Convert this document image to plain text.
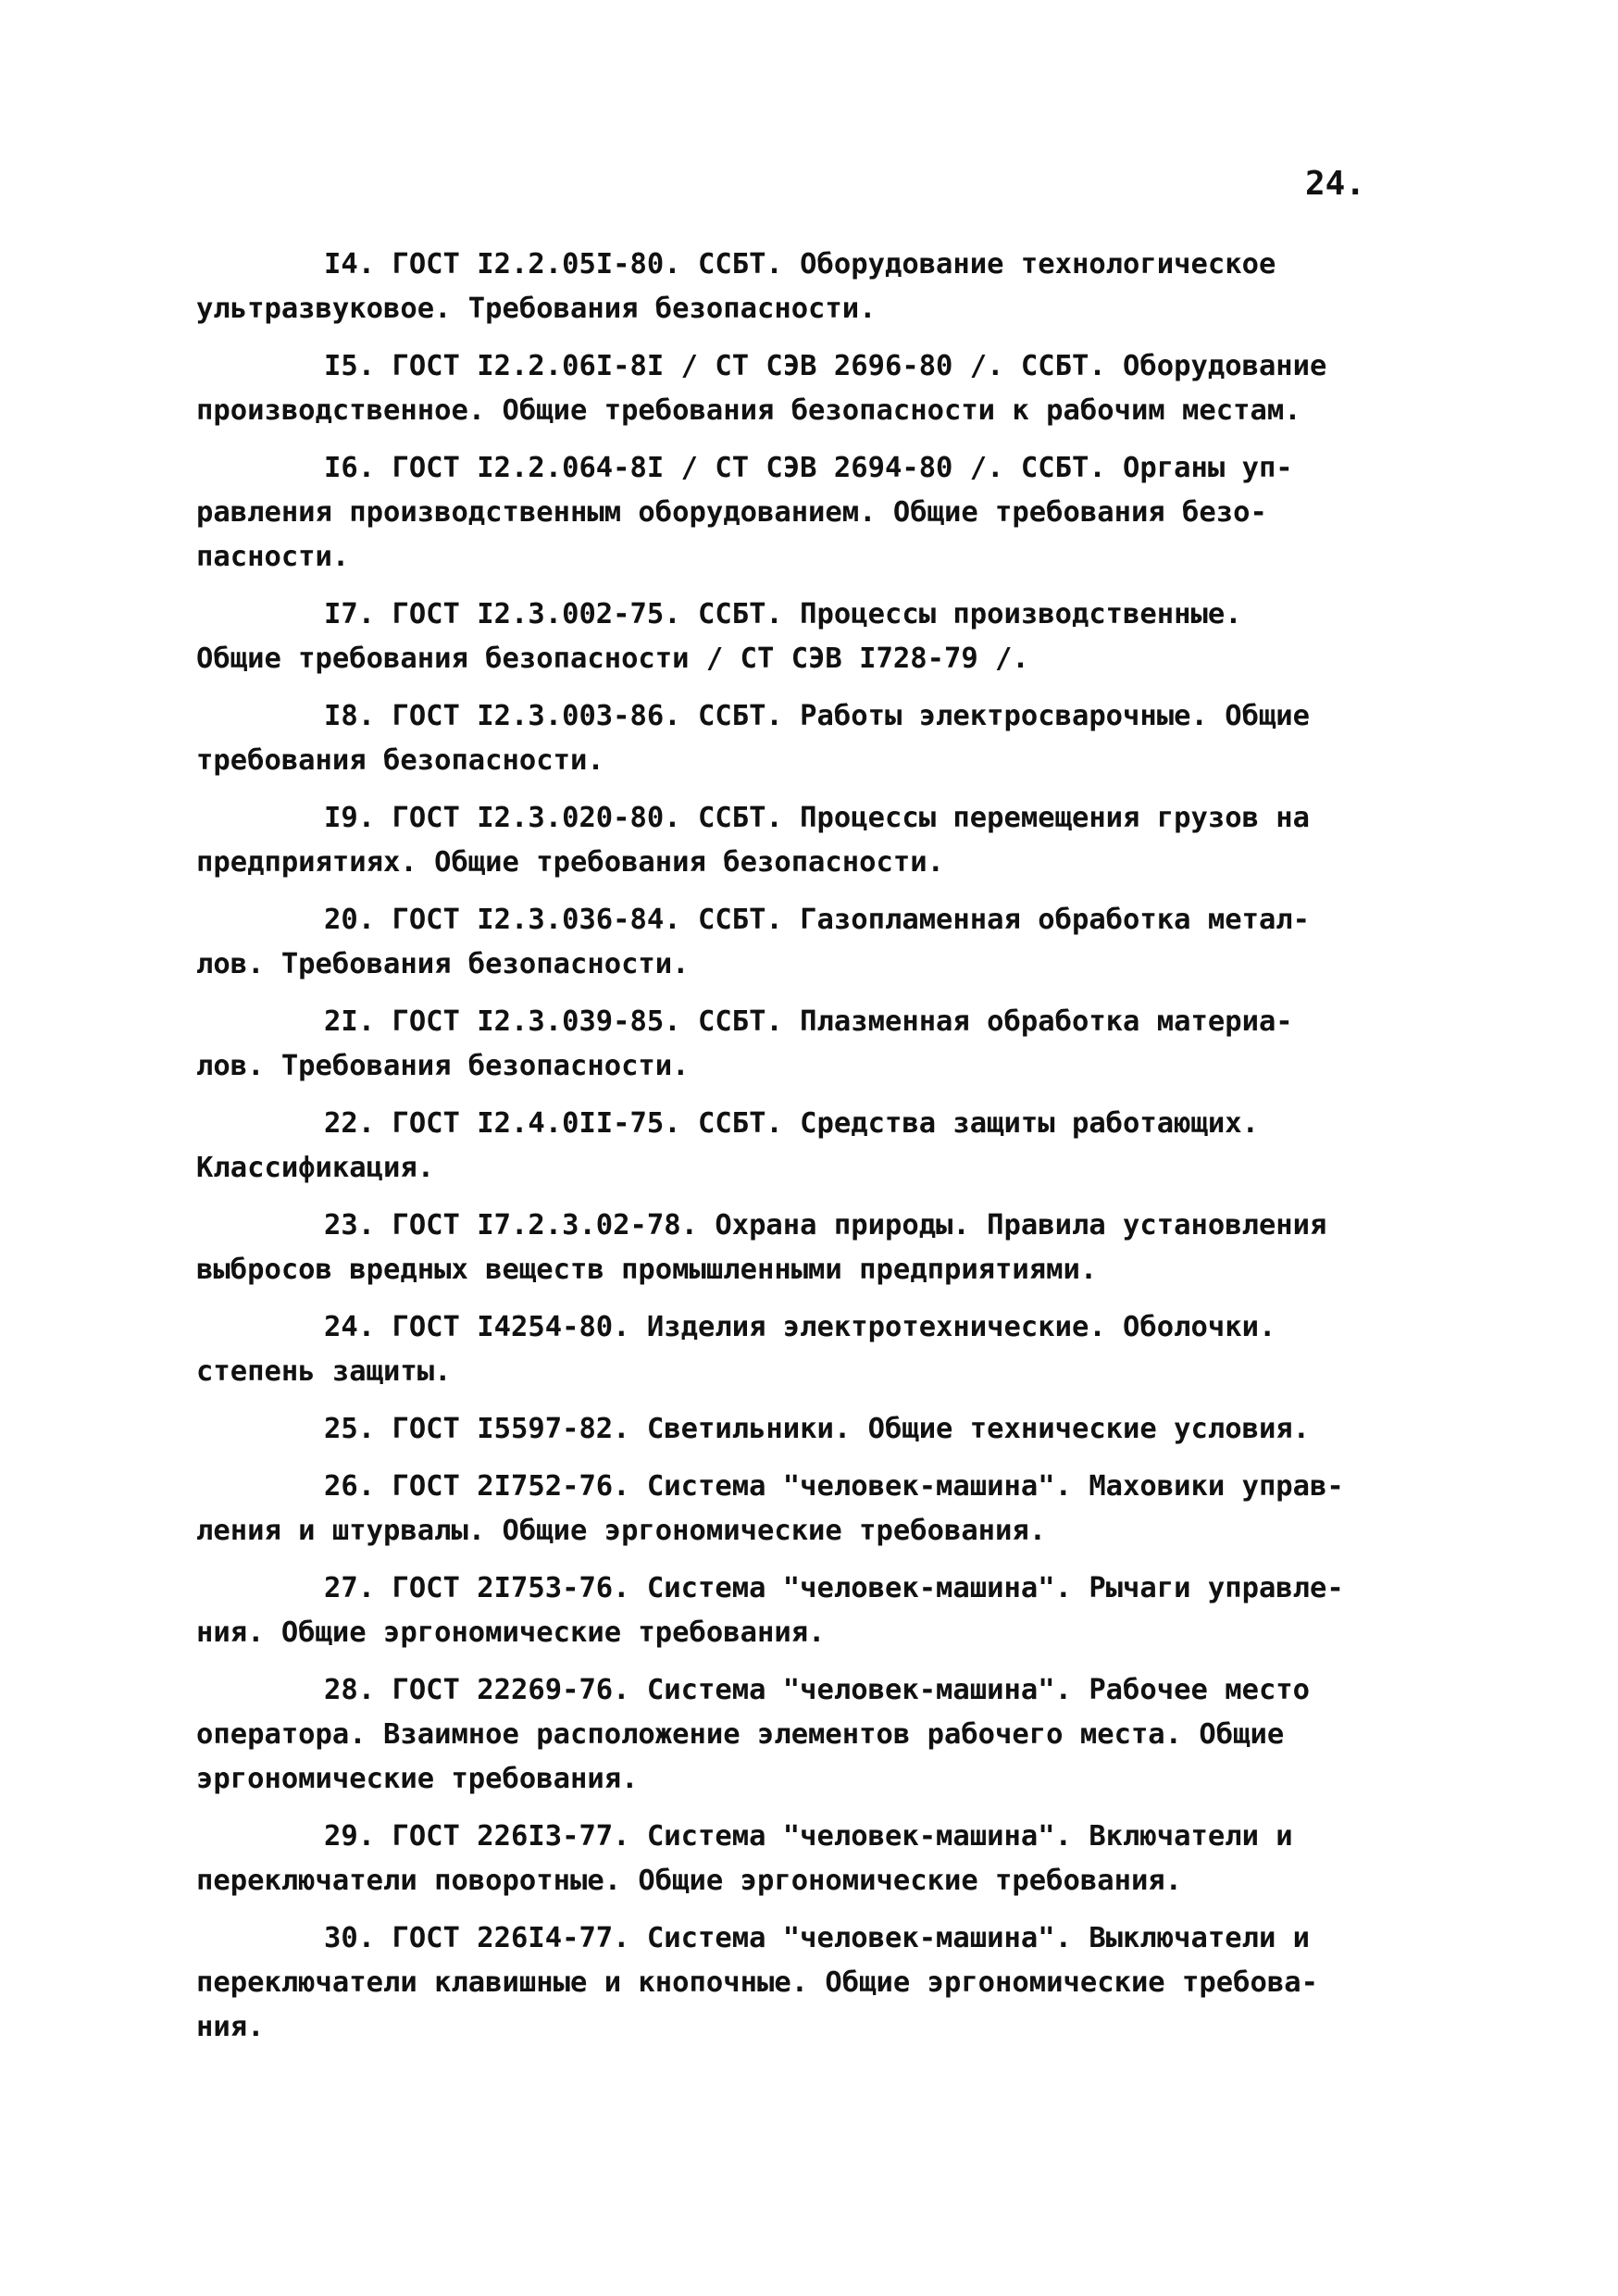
24.

I4. ГОСТ I2.2.05I-80. ССБТ. Оборудование технологическое

ультразвуковое. Требования безопасности.

I5. ГОСТ I2.2.06I-8I / СТ СЭВ 2696-80 /. ССБТ. Оборудование

производственное. Общие требования безопасности к рабочим местам.

I6. ГОСТ I2.2.064-8I / СТ СЭВ 2694-80 /. ССБТ. Органы уп-

равления производственным оборудованием. Общие требования безо-

пасности.

I7. ГОСТ I2.3.002-75. ССБТ. Процессы производственные.

Общие требования безопасности / СТ СЭВ I728-79 /.

I8. ГОСТ I2.3.003-86. ССБТ. Работы электросварочные. Общие

требования безопасности.

I9. ГОСТ I2.3.020-80. ССБТ. Процессы перемещения грузов на

предприятиях. Общие требования безопасности.

20. ГОСТ I2.3.036-84. ССБТ. Газопламенная обработка метал-

лов. Требования безопасности.

2I. ГОСТ I2.3.039-85. ССБТ. Плазменная обработка материа-

лов. Требования безопасности.

22. ГОСТ I2.4.0II-75. ССБТ. Средства защиты работающих.

Классификация.

23. ГОСТ I7.2.3.02-78. Охрана природы. Правила установления

выбросов вредных веществ промышленными предприятиями.

24. ГОСТ I4254-80. Изделия электротехнические. Оболочки.

степень защиты.

25. ГОСТ I5597-82. Светильники. Общие технические условия.

26. ГОСТ 2I752-76. Система "человек-машина". Маховики управ-

ления и штурвалы. Общие эргономические требования.

27. ГОСТ 2I753-76. Система "человек-машина". Рычаги управле-

ния. Общие эргономические требования.

28. ГОСТ 22269-76. Система "человек-машина". Рабочее место

оператора. Взаимное расположение элементов рабочего места. Общие

эргономические требования.

29. ГОСТ 226I3-77. Система "человек-машина". Включатели и

переключатели поворотные. Общие эргономические требования.

30. ГОСТ 226I4-77. Система "человек-машина". Выключатели и

переключатели клавишные и кнопочные. Общие эргономические требова-

ния.
